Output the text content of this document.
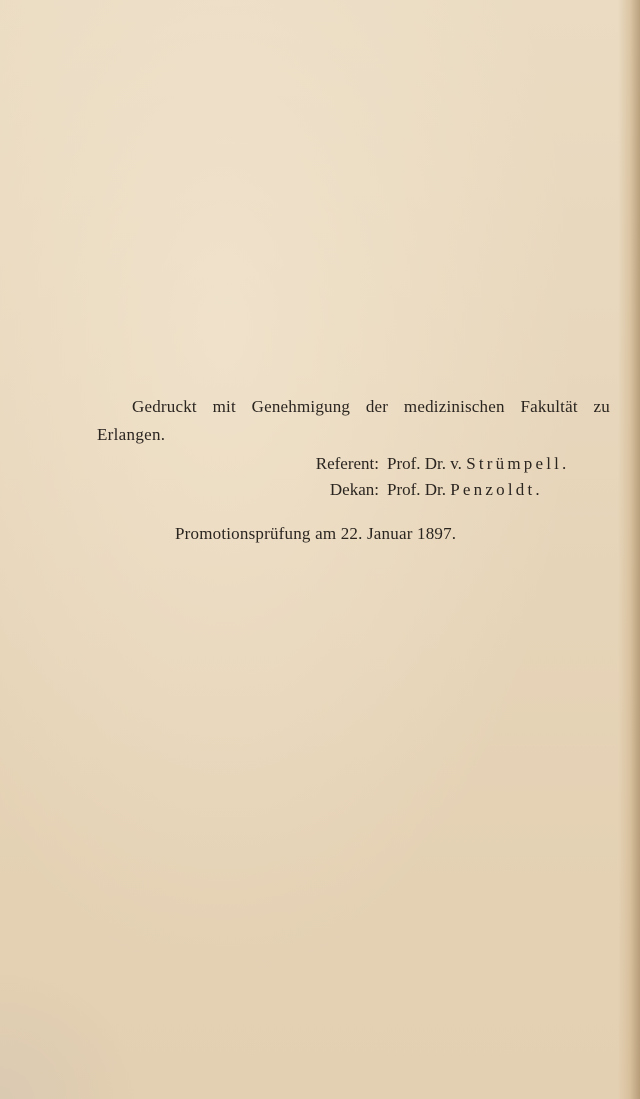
Gedruckt mit Genehmigung der medizinischen Fakultät zu
Erlangen.
Referent: Prof. Dr. v.
Strümpell.
Dekan: Prof. Dr.
Penzoldt.
Promotionsprüfung am 22. Januar 1897.
